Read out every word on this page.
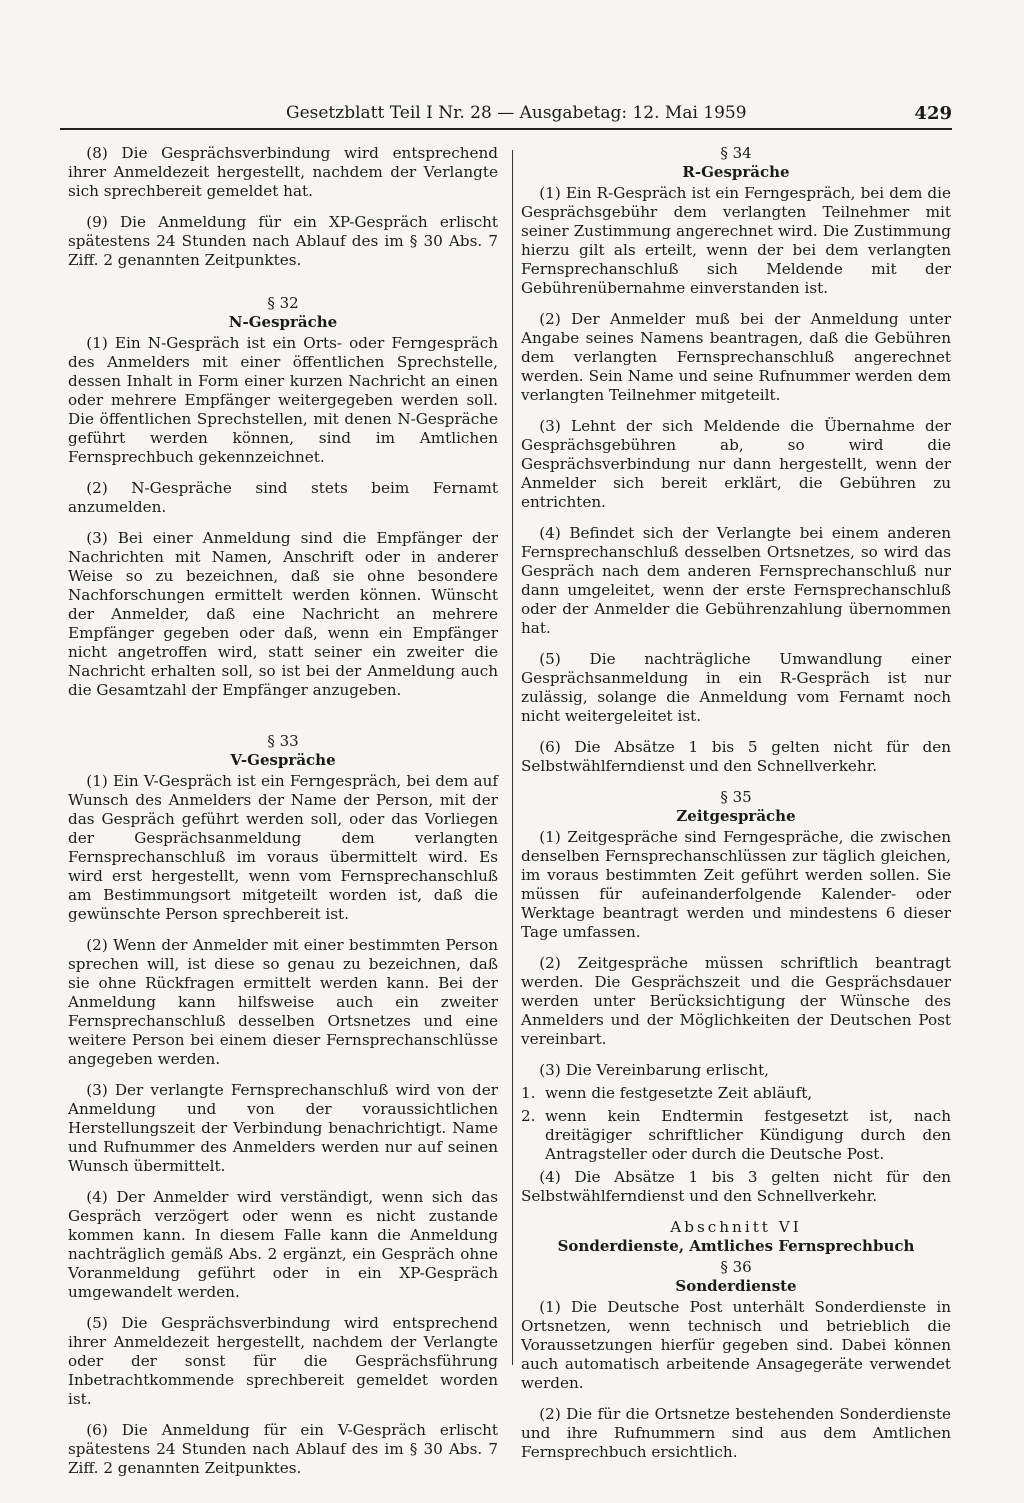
Gesetzblatt Teil I Nr. 28 — Ausgabetag: 12. Mai 1959	429

(8) Die Gesprächsverbindung wird entsprechend ihrer Anmeldezeit hergestellt, nachdem der Verlangte sich sprechbereit gemeldet hat.

(9) Die Anmeldung für ein XP-Gespräch erlischt spätestens 24 Stunden nach Ablauf des im § 30 Abs. 7 Ziff. 2 genannten Zeitpunktes.

§ 32
N-Gespräche

(1) Ein N-Gespräch ist ein Orts- oder Ferngespräch des Anmelders mit einer öffentlichen Sprechstelle, dessen Inhalt in Form einer kurzen Nachricht an einen oder mehrere Empfänger weitergegeben werden soll. Die öffentlichen Sprechstellen, mit denen N-Gespräche geführt werden können, sind im Amtlichen Fernsprechbuch gekennzeichnet.

(2) N-Gespräche sind stets beim Fernamt anzumelden.

(3) Bei einer Anmeldung sind die Empfänger der Nachrichten mit Namen, Anschrift oder in anderer Weise so zu bezeichnen, daß sie ohne besondere Nachforschungen ermittelt werden können. Wünscht der Anmelder, daß eine Nachricht an mehrere Empfänger gegeben oder daß, wenn ein Empfänger nicht angetroffen wird, statt seiner ein zweiter die Nachricht erhalten soll, so ist bei der Anmeldung auch die Gesamtzahl der Empfänger anzugeben.

§ 33
V-Gespräche

(1) Ein V-Gespräch ist ein Ferngespräch, bei dem auf Wunsch des Anmelders der Name der Person, mit der das Gespräch geführt werden soll, oder das Vorliegen der Gesprächsanmeldung dem verlangten Fernsprechanschluß im voraus übermittelt wird. Es wird erst hergestellt, wenn vom Fernsprechanschluß am Bestimmungsort mitgeteilt worden ist, daß die gewünschte Person sprechbereit ist.

(2) Wenn der Anmelder mit einer bestimmten Person sprechen will, ist diese so genau zu bezeichnen, daß sie ohne Rückfragen ermittelt werden kann. Bei der Anmeldung kann hilfsweise auch ein zweiter Fernsprechanschluß desselben Ortsnetzes und eine weitere Person bei einem dieser Fernsprechanschlüsse angegeben werden.

(3) Der verlangte Fernsprechanschluß wird von der Anmeldung und von der voraussichtlichen Herstellungszeit der Verbindung benachrichtigt. Name und Rufnummer des Anmelders werden nur auf seinen Wunsch übermittelt.

(4) Der Anmelder wird verständigt, wenn sich das Gespräch verzögert oder wenn es nicht zustande kommen kann. In diesem Falle kann die Anmeldung nachträglich gemäß Abs. 2 ergänzt, ein Gespräch ohne Voranmeldung geführt oder in ein XP-Gespräch umgewandelt werden.

(5) Die Gesprächsverbindung wird entsprechend ihrer Anmeldezeit hergestellt, nachdem der Verlangte oder der sonst für die Gesprächsführung Inbetrachtkommende sprechbereit gemeldet worden ist.

(6) Die Anmeldung für ein V-Gespräch erlischt spätestens 24 Stunden nach Ablauf des im § 30 Abs. 7 Ziff. 2 genannten Zeitpunktes.

§ 34
R-Gespräche

(1) Ein R-Gespräch ist ein Ferngespräch, bei dem die Gesprächsgebühr dem verlangten Teilnehmer mit seiner Zustimmung angerechnet wird. Die Zustimmung hierzu gilt als erteilt, wenn der bei dem verlangten Fernsprechanschluß sich Meldende mit der Gebührenübernahme einverstanden ist.

(2) Der Anmelder muß bei der Anmeldung unter Angabe seines Namens beantragen, daß die Gebühren dem verlangten Fernsprechanschluß angerechnet werden. Sein Name und seine Rufnummer werden dem verlangten Teilnehmer mitgeteilt.

(3) Lehnt der sich Meldende die Übernahme der Gesprächsgebühren ab, so wird die Gesprächsverbindung nur dann hergestellt, wenn der Anmelder sich bereit erklärt, die Gebühren zu entrichten.

(4) Befindet sich der Verlangte bei einem anderen Fernsprechanschluß desselben Ortsnetzes, so wird das Gespräch nach dem anderen Fernsprechanschluß nur dann umgeleitet, wenn der erste Fernsprechanschluß oder der Anmelder die Gebührenzahlung übernommen hat.

(5) Die nachträgliche Umwandlung einer Gesprächsanmeldung in ein R-Gespräch ist nur zulässig, solange die Anmeldung vom Fernamt noch nicht weitergeleitet ist.

(6) Die Absätze 1 bis 5 gelten nicht für den Selbstwählferndienst und den Schnellverkehr.

§ 35
Zeitgespräche

(1) Zeitgespräche sind Ferngespräche, die zwischen denselben Fernsprechanschlüssen zur täglich gleichen, im voraus bestimmten Zeit geführt werden sollen. Sie müssen für aufeinanderfolgende Kalender- oder Werktage beantragt werden und mindestens 6 dieser Tage umfassen.

(2) Zeitgespräche müssen schriftlich beantragt werden. Die Gesprächszeit und die Gesprächsdauer werden unter Berücksichtigung der Wünsche des Anmelders und der Möglichkeiten der Deutschen Post vereinbart.

(3) Die Vereinbarung erlischt,

1. wenn die festgesetzte Zeit abläuft,
2. wenn kein Endtermin festgesetzt ist, nach dreitägiger schriftlicher Kündigung durch den Antragsteller oder durch die Deutsche Post.

(4) Die Absätze 1 bis 3 gelten nicht für den Selbstwählferndienst und den Schnellverkehr.

Abschnitt VI
Sonderdienste, Amtliches Fernsprechbuch
§ 36
Sonderdienste

(1) Die Deutsche Post unterhält Sonderdienste in Ortsnetzen, wenn technisch und betrieblich die Voraussetzungen hierfür gegeben sind. Dabei können auch automatisch arbeitende Ansagegeräte verwendet werden.

(2) Die für die Ortsnetze bestehenden Sonderdienste und ihre Rufnummern sind aus dem Amtlichen Fernsprechbuch ersichtlich.
